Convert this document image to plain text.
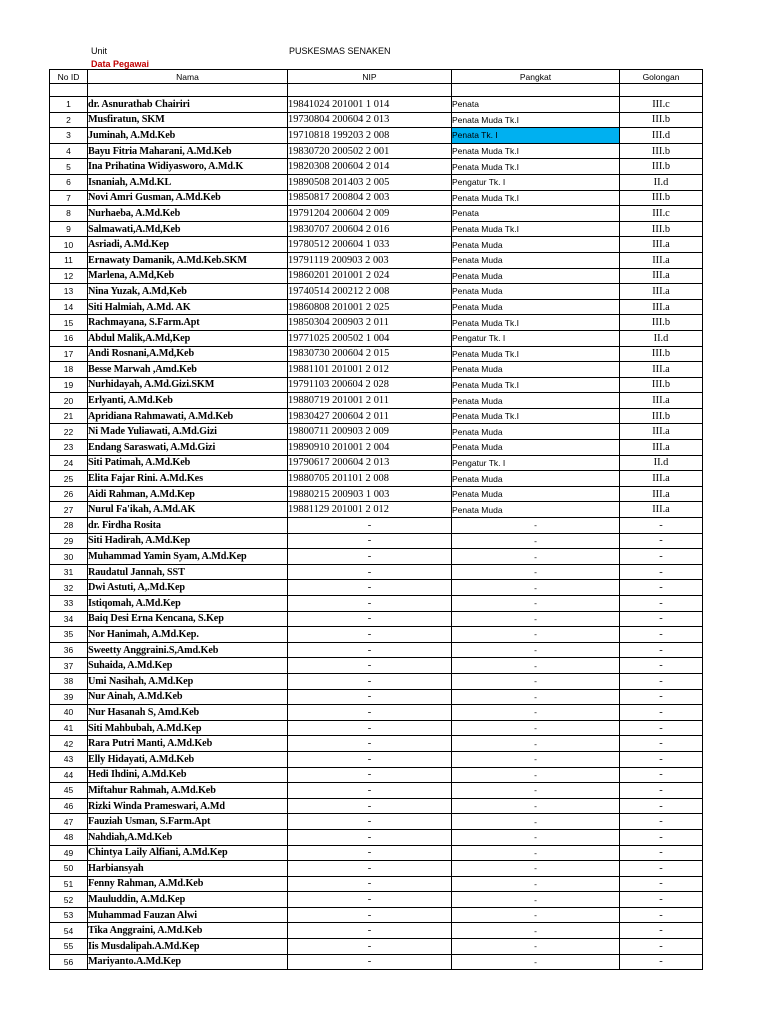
Unit	PUSKESMAS SENAKEN
Data Pegawai
No ID	Nama	NIP	Pangkat	Golongan

1	dr. Asnurathab Chairiri	19841024 201001 1 014	Penata	III.c
2	Musfiratun, SKM	19730804 200604 2 013	Penata Muda Tk.I	III.b
3	Juminah, A.Md.Keb	19710818 199203 2 008	Penata Tk. I	III.d
4	Bayu Fitria Maharani, A.Md.Keb	19830720 200502 2 001	Penata Muda Tk.I	III.b
5	Ina Prihatina Widiyasworo, A.Md.K	19820308 200604 2 014	Penata Muda Tk.I	III.b
6	Isnaniah, A.Md.KL	19890508 201403 2 005	Pengatur Tk. I	II.d
7	Novi Amri Gusman, A.Md.Keb	19850817 200804 2 003	Penata Muda Tk.I	III.b
8	Nurhaeba, A.Md.Keb	19791204 200604 2 009	Penata	III.c
9	Salmawati,A.Md,Keb	19830707 200604 2 016	Penata Muda Tk.I	III.b
10	Asriadi, A.Md.Kep	19780512 200604 1 033	Penata Muda	III.a
11	Ernawaty Damanik, A.Md.Keb.SKM	19791119 200903 2 003	Penata Muda	III.a
12	Marlena, A.Md,Keb	19860201 201001 2 024	Penata Muda	III.a
13	Nina Yuzak, A.Md,Keb	19740514 200212 2 008	Penata Muda	III.a
14	Siti Halmiah, A.Md. AK	19860808 201001 2 025	Penata Muda	III.a
15	Rachmayana, S.Farm.Apt	19850304 200903 2 011	Penata Muda Tk.I	III.b
16	Abdul Malik,A.Md,Kep	19771025 200502 1 004	Pengatur Tk. I	II.d
17	Andi Rosnani,A.Md,Keb	19830730 200604 2 015	Penata Muda Tk.I	III.b
18	Besse Marwah ,Amd.Keb	19881101 201001 2 012	Penata Muda	III.a
19	Nurhidayah, A.Md.Gizi.SKM	19791103 200604 2 028	Penata Muda Tk.I	III.b
20	Erlyanti, A.Md.Keb	19880719 201001 2 011	Penata Muda	III.a
21	Apridiana Rahmawati, A.Md.Keb	19830427 200604 2 011	Penata Muda Tk.I	III.b
22	Ni Made Yuliawati, A.Md.Gizi	19800711 200903 2 009	Penata Muda	III.a
23	Endang Saraswati, A.Md.Gizi	19890910 201001 2 004	Penata Muda	III.a
24	Siti Patimah, A.Md.Keb	19790617 200604 2 013	Pengatur Tk. I	II.d
25	Elita Fajar Rini. A.Md.Kes	19880705 201101 2 008	Penata Muda	III.a
26	Aidi Rahman, A.Md.Kep	19880215 200903 1 003	Penata Muda	III.a
27	Nurul Fa'ikah, A.Md.AK	19881129 201001 2 012	Penata Muda	III.a
28	dr. Firdha Rosita	-	-	-
29	Siti Hadirah, A.Md.Kep	-	-	-
30	Muhammad Yamin Syam, A.Md.Kep	-	-	-
31	Raudatul Jannah, SST	-	-	-
32	Dwi Astuti, A,.Md.Kep	-	-	-
33	Istiqomah, A.Md.Kep	-	-	-
34	Baiq Desi Erna Kencana, S.Kep	-	-	-
35	Nor Hanimah, A.Md.Kep.	-	-	-
36	Sweetty Anggraini.S,Amd.Keb	-	-	-
37	Suhaida, A.Md.Kep	-	-	-
38	Umi Nasihah, A.Md.Kep	-	-	-
39	Nur Ainah, A.Md.Keb	-	-	-
40	Nur Hasanah S, Amd.Keb	-	-	-
41	Siti Mahbubah, A.Md.Kep	-	-	-
42	Rara Putri Manti, A.Md.Keb	-	-	-
43	Elly Hidayati, A.Md.Keb	-	-	-
44	Hedi Ihdini, A.Md.Keb	-	-	-
45	Miftahur Rahmah, A.Md.Keb	-	-	-
46	Rizki Winda Prameswari, A.Md	-	-	-
47	Fauziah Usman, S.Farm.Apt	-	-	-
48	Nahdiah,A.Md.Keb	-	-	-
49	Chintya Laily Alfiani, A.Md.Kep	-	-	-
50	Harbiansyah	-	-	-
51	Fenny Rahman, A.Md.Keb	-	-	-
52	Mauluddin, A.Md.Kep	-	-	-
53	Muhammad Fauzan Alwi	-	-	-
54	Tika Anggraini, A.Md.Keb	-	-	-
55	Iis Musdalipah.A.Md.Kep	-	-	-
56	Mariyanto.A.Md.Kep	-	-	-
